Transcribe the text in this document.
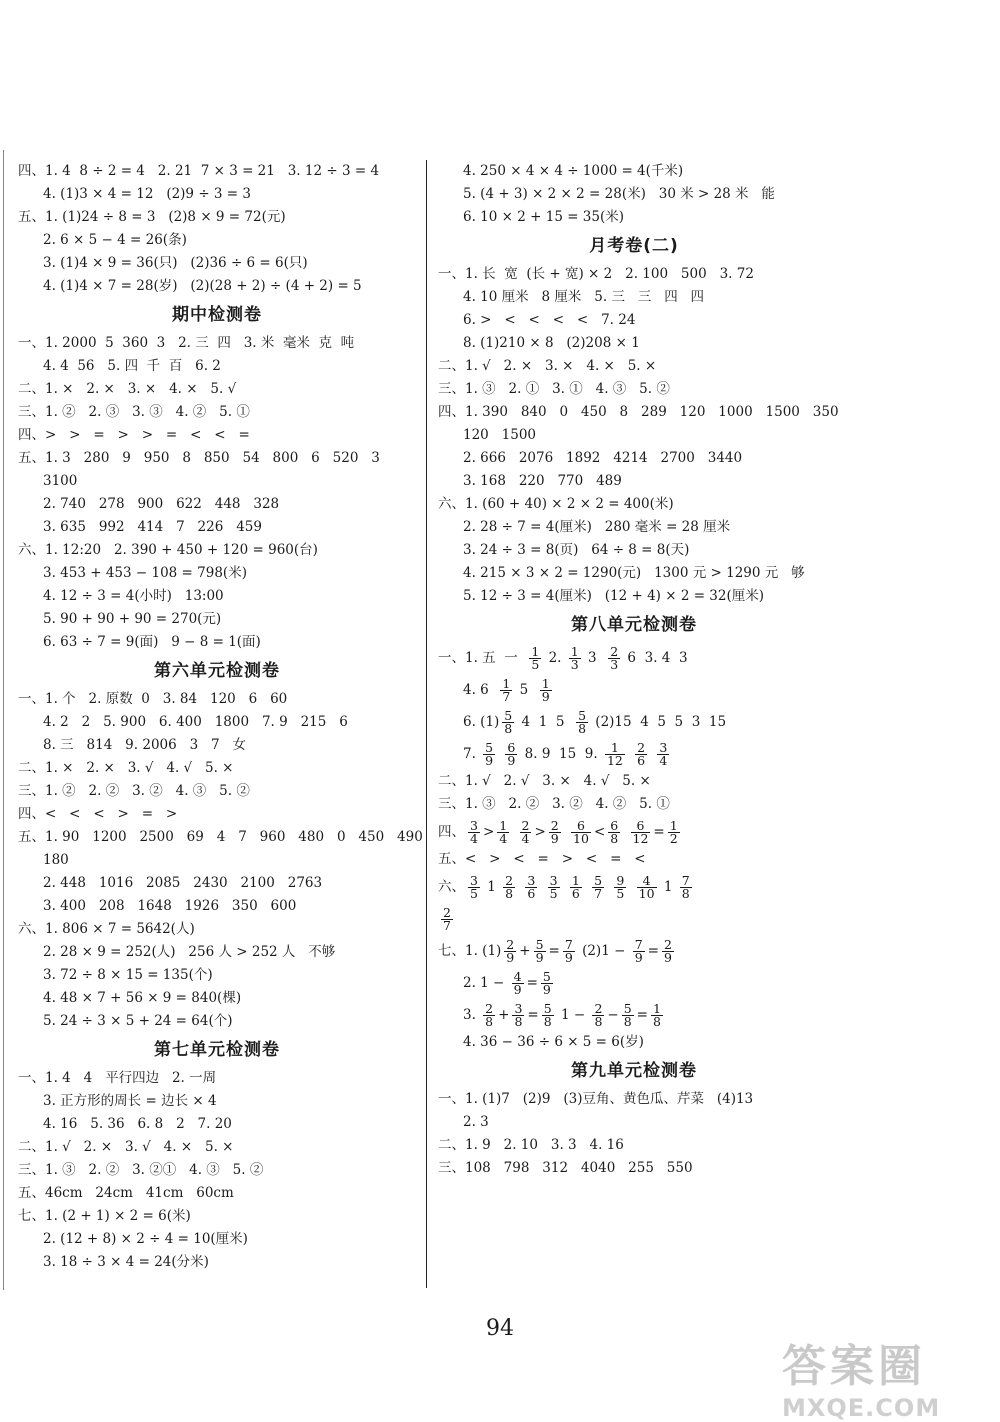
四、1. 4  8 ÷ 2 = 4   2. 21  7 × 3 = 21   3. 12 ÷ 3 = 4
4. (1)3 × 4 = 12   (2)9 ÷ 3 = 3
五、1. (1)24 ÷ 8 = 3   (2)8 × 9 = 72(元)
2. 6 × 5 − 4 = 26(条)
3. (1)4 × 9 = 36(只)   (2)36 ÷ 6 = 6(只)
4. (1)4 × 7 = 28(岁)   (2)(28 + 2) ÷ (4 + 2) = 5
期中检测卷
一、1. 2000  5  360  3   2. 三  四   3. 米  毫米  克  吨
4. 4  56   5. 四  千  百   6. 2
二、1. ×   2. ×   3. ×   4. ×   5. √
三、1. ②   2. ③   3. ③   4. ②   5. ①
四、>   >   =   >   >   =   <   <   =
五、1. 3   280   9   950   8   850   54   800   6   520   3
3100
2. 740   278   900   622   448   328
3. 635   992   414   7   226   459
六、1. 12:20   2. 390 + 450 + 120 = 960(台)
3. 453 + 453 − 108 = 798(米)
4. 12 ÷ 3 = 4(小时)   13:00
5. 90 + 90 + 90 = 270(元)
6. 63 ÷ 7 = 9(面)   9 − 8 = 1(面)
第六单元检测卷
一、1. 个   2. 原数  0   3. 84   120   6   60
4. 2   2   5. 900   6. 400   1800   7. 9   215   6
8. 三   814   9. 2006   3   7   女
二、1. ×   2. ×   3. √   4. √   5. ×
三、1. ②   2. ②   3. ②   4. ③   5. ②
四、<   <   <   >   =   >
五、1. 90   1200   2500   69   4   7   960   480   0   450   490
180
2. 448   1016   2085   2430   2100   2763
3. 400   208   1648   1926   350   600
六、1. 806 × 7 = 5642(人)
2. 28 × 9 = 252(人)   256 人 > 252 人   不够
3. 72 ÷ 8 × 15 = 135(个)
4. 48 × 7 + 56 × 9 = 840(棵)
5. 24 ÷ 3 × 5 + 24 = 64(个)
第七单元检测卷
一、1. 4   4   平行四边   2. 一周
3. 正方形的周长 = 边长 × 4
4. 16   5. 36   6. 8   2   7. 20
二、1. √   2. ×   3. √   4. ×   5. ×
三、1. ③   2. ②   3. ②①   4. ③   5. ②
五、46cm   24cm   41cm   60cm
七、1. (2 + 1) × 2 = 6(米)
2. (12 + 8) × 2 ÷ 4 = 10(厘米)
3. 18 ÷ 3 × 4 = 24(分米)
4. 250 × 4 × 4 ÷ 1000 = 4(千米)
5. (4 + 3) × 2 × 2 = 28(米)   30 米 > 28 米   能
6. 10 × 2 + 15 = 35(米)
月考卷(二)
一、1. 长  宽  (长 + 宽) × 2   2. 100   500   3. 72
4. 10 厘米   8 厘米   5. 三   三   四   四
6. >   <   <   <   <   7. 24
8. (1)210 × 8   (2)208 × 1
二、1. √   2. ×   3. ×   4. ×   5. ×
三、1. ③   2. ①   3. ①   4. ③   5. ②
四、1. 390   840   0   450   8   289   120   1000   1500   350
120   1500
2. 666   2076   1892   4214   2700   3440
3. 168   220   770   489
六、1. (60 + 40) × 2 × 2 = 400(米)
2. 28 ÷ 7 = 4(厘米)   280 毫米 = 28 厘米
3. 24 ÷ 3 = 8(页)   64 ÷ 8 = 8(天)
4. 215 × 3 × 2 = 1290(元)   1300 元 > 1290 元   够
5. 12 ÷ 3 = 4(厘米)   (12 + 4) × 2 = 32(厘米)
第八单元检测卷
一、1. 五  一 $\frac{1}{5} 2$. $\frac{1}{3} 3 \frac{2}{3} 6$  3. 4  3
4. $6 \frac{1}{7} 5 \frac{1}{9}$
6. $(1) \frac{5}{8} 4$  1  $5 \frac{5}{8} (2)15$  4  5  5  3  15
7. $\frac{5}{9}$
$\frac{6}{9} 8$. 9  15  9. $\frac{1}{12}$
$\frac{2}{6}$
$\frac{3}{4}$
二、1. √   2. √   3. ×   4. √   5. ×
三、1. ③   2. ②   3. ②   4. ②   5. ①
四、 $\frac{3}{4} > \frac{1}{4}$
$\frac{2}{4} > \frac{2}{9}$
$\frac{6}{10} < \frac{6}{8}$
$\frac{6}{12} = \frac{1}{2}$
五、<   >   <   =   >   <   =   <
六、 $\frac{3}{5} 1 \frac{2}{8}$
$\frac{3}{6}$
$\frac{3}{5}$
$\frac{1}{6}$
$\frac{5}{7}$
$\frac{9}{5}$
$\frac{4}{10} 1 \frac{7}{8}$
$\frac{2}{7}$
七、1. $(1) \frac{2}{9} + \frac{5}{9} = \frac{7}{9} (2)1 - \frac{7}{9} = \frac{2}{9}$
2. $1 - \frac{4}{9} = \frac{5}{9}$
3. $\frac{2}{8} + \frac{3}{8} = \frac{5}{8} 1 - \frac{2}{8} - \frac{5}{8} = \frac{1}{8}$
4. 36 − 36 ÷ 6 × 5 = 6(岁)
第九单元检测卷
一、1. (1)7   (2)9   (3)豆角、黄色瓜、芹菜   (4)13
2. 3
二、1. 9   2. 10   3. 3   4. 16
三、108   798   312   4040   255   550
94
答案圈
MXQE.COM
